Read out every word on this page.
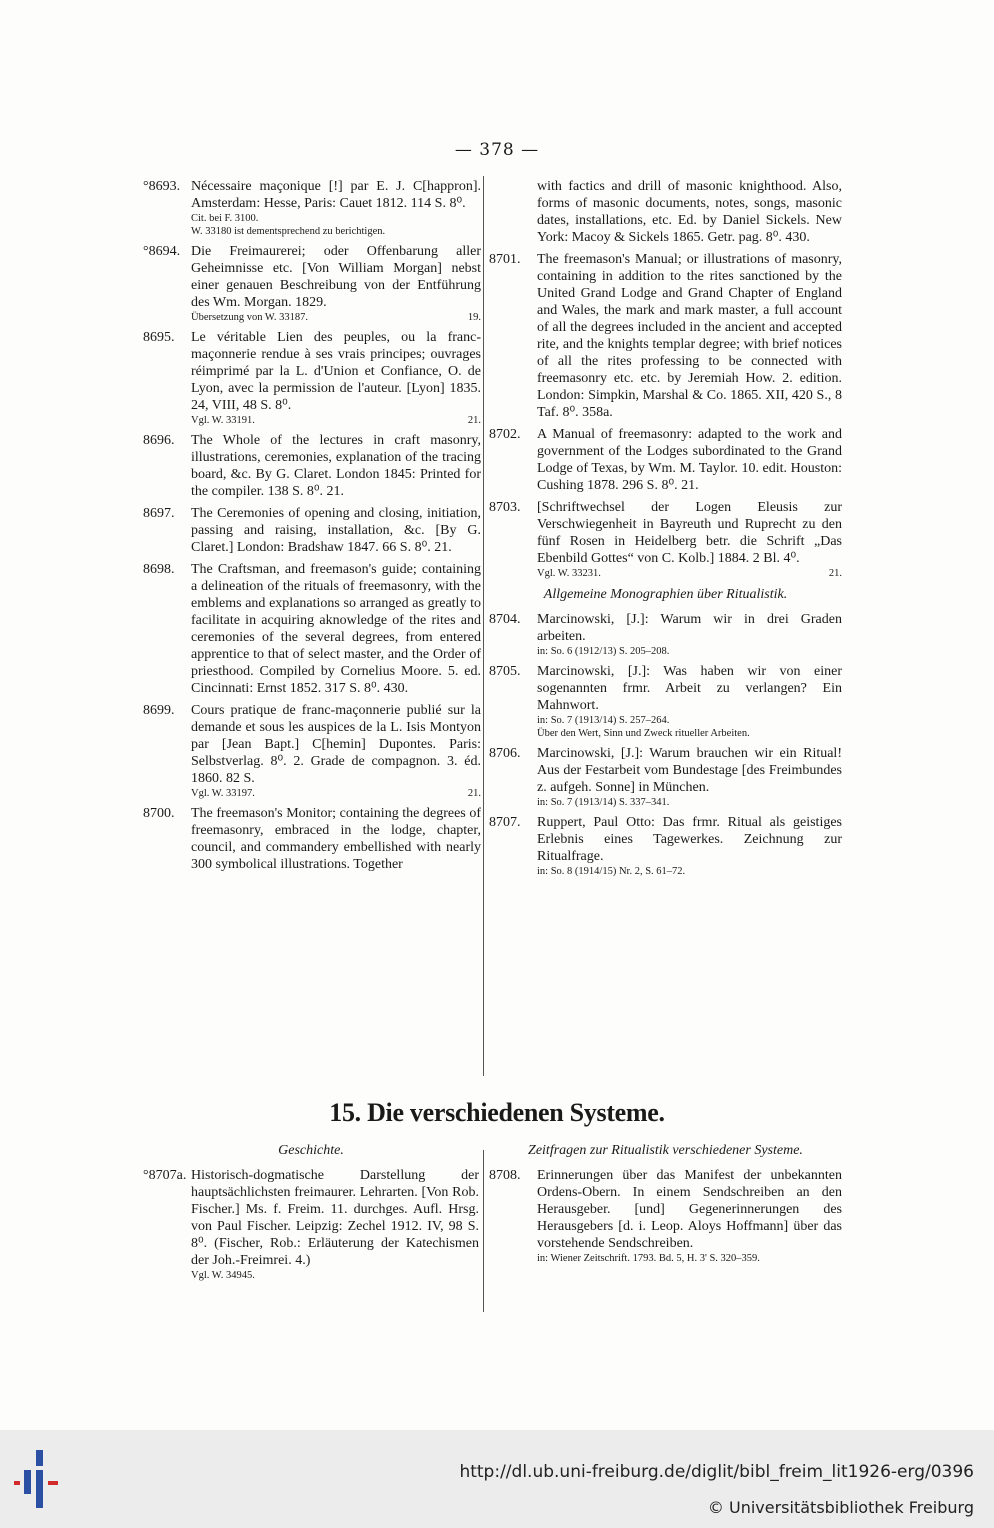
— 378 —
°8693. Nécessaire maçonique [!] par E. J. C[happron]. Amsterdam: Hesse, Paris: Cauet 1812. 114 S. 8⁰.
Cit. bei F. 3100.
W. 33180 ist dementsprechend zu berichtigen.
°8694. Die Freimaurerei; oder Offenbarung aller Geheimnisse etc. [Von William Morgan] nebst einer genauen Beschreibung von der Entführung des Wm. Morgan. 1829.
Übersetzung von W. 33187.	19.
8695.	Le véritable Lien des peuples, ou la franc-maçonnerie rendue à ses vrais principes; ouvrages réimprimé par la L. d'Union et Confiance, O. de Lyon, avec la permission de l'auteur. [Lyon] 1835. 24, VIII, 48 S. 8⁰.
Vgl. W. 33191.	21.
8696.	The Whole of the lectures in craft masonry, illustrations, ceremonies, explanation of the tracing board, &c. By G. Claret. London 1845: Printed for the compiler. 138 S. 8⁰. 21.
8697.	The Ceremonies of opening and closing, initiation, passing and raising, installation, &c. [By G. Claret.] London: Bradshaw 1847. 66 S. 8⁰. 21.
8698.	The Craftsman, and freemason's guide; containing a delineation of the rituals of freemasonry, with the emblems and explanations so arranged as greatly to facilitate in acquiring aknowledge of the rites and ceremonies of the several degrees, from entered apprentice to that of select master, and the Order of priesthood. Compiled by Cornelius Moore. 5. ed. Cincinnati: Ernst 1852. 317 S. 8⁰. 430.
8699.	Cours pratique de franc-maçonnerie publié sur la demande et sous les auspices de la L. Isis Montyon par [Jean Bapt.] C[hemin] Dupontes. Paris: Selbstverlag. 8⁰. 2. Grade de compagnon. 3. éd. 1860. 82 S.
Vgl. W. 33197.	21.
8700.	The freemason's Monitor; containing the degrees of freemasonry, embraced in the lodge, chapter, council, and commandery embellished with nearly 300 symbolical illustrations. Together
with factics and drill of masonic knighthood. Also, forms of masonic documents, notes, songs, masonic dates, installations, etc. Ed. by Daniel Sickels. New York: Macoy & Sickels 1865. Getr. pag. 8⁰. 430.
8701.	The freemason's Manual; or illustrations of masonry, containing in addition to the rites sanctioned by the United Grand Lodge and Grand Chapter of England and Wales, the mark and mark master, a full account of all the degrees included in the ancient and accepted rite, and the knights templar degree; with brief notices of all the rites professing to be connected with freemasonry etc. etc. by Jeremiah How. 2. edition. London: Simpkin, Marshal & Co. 1865. XII, 420 S., 8 Taf. 8⁰. 358a.
8702.	A Manual of freemasonry: adapted to the work and government of the Lodges subordinated to the Grand Lodge of Texas, by Wm. M. Taylor. 10. edit. Houston: Cushing 1878. 296 S. 8⁰. 21.
8703.	[Schriftwechsel der Logen Eleusis zur Verschwiegenheit in Bayreuth und Ruprecht zu den fünf Rosen in Heidelberg betr. die Schrift „Das Ebenbild Gottes“ von C. Kolb.] 1884. 2 Bl. 4⁰.
Vgl. W. 33231.	21.
Allgemeine Monographien über Ritualistik.
8704.	Marcinowski, [J.]: Warum wir in drei Graden arbeiten.
in: So. 6 (1912/13) S. 205–208.
8705.	Marcinowski, [J.]: Was haben wir von einer sogenannten frmr. Arbeit zu verlangen? Ein Mahnwort.
in: So. 7 (1913/14) S. 257–264.
Über den Wert, Sinn und Zweck ritueller Arbeiten.
8706.	Marcinowski, [J.]: Warum brauchen wir ein Ritual! Aus der Festarbeit vom Bundestage [des Freimbundes z. aufgeh. Sonne] in München.
in: So. 7 (1913/14) S. 337–341.
8707.	Ruppert, Paul Otto: Das frmr. Ritual als geistiges Erlebnis eines Tagewerkes. Zeichnung zur Ritualfrage.
in: So. 8 (1914/15) Nr. 2, S. 61–72.
15. Die verschiedenen Systeme.
Geschichte.
°8707a. Historisch-dogmatische Darstellung der hauptsächlichsten freimaurer. Lehrarten. [Von Rob. Fischer.] Ms. f. Freim. 11. durchges. Aufl. Hrsg. von Paul Fischer. Leipzig: Zechel 1912. IV, 98 S. 8⁰. (Fischer, Rob.: Erläuterung der Katechismen der Joh.-Freimrei. 4.)
Vgl. W. 34945.
Zeitfragen zur Ritualistik verschiedener Systeme.
8708.	Erinnerungen über das Manifest der unbekannten Ordens-Obern. In einem Sendschreiben an den Herausgeber. [und] Gegenerinnerungen des Herausgebers [d. i. Leop. Aloys Hoffmann] über das vorstehende Sendschreiben.
in: Wiener Zeitschrift. 1793. Bd. 5, H. 3' S. 320–359.
http://dl.ub.uni-freiburg.de/diglit/bibl_freim_lit1926-erg/0396
© Universitätsbibliothek Freiburg
